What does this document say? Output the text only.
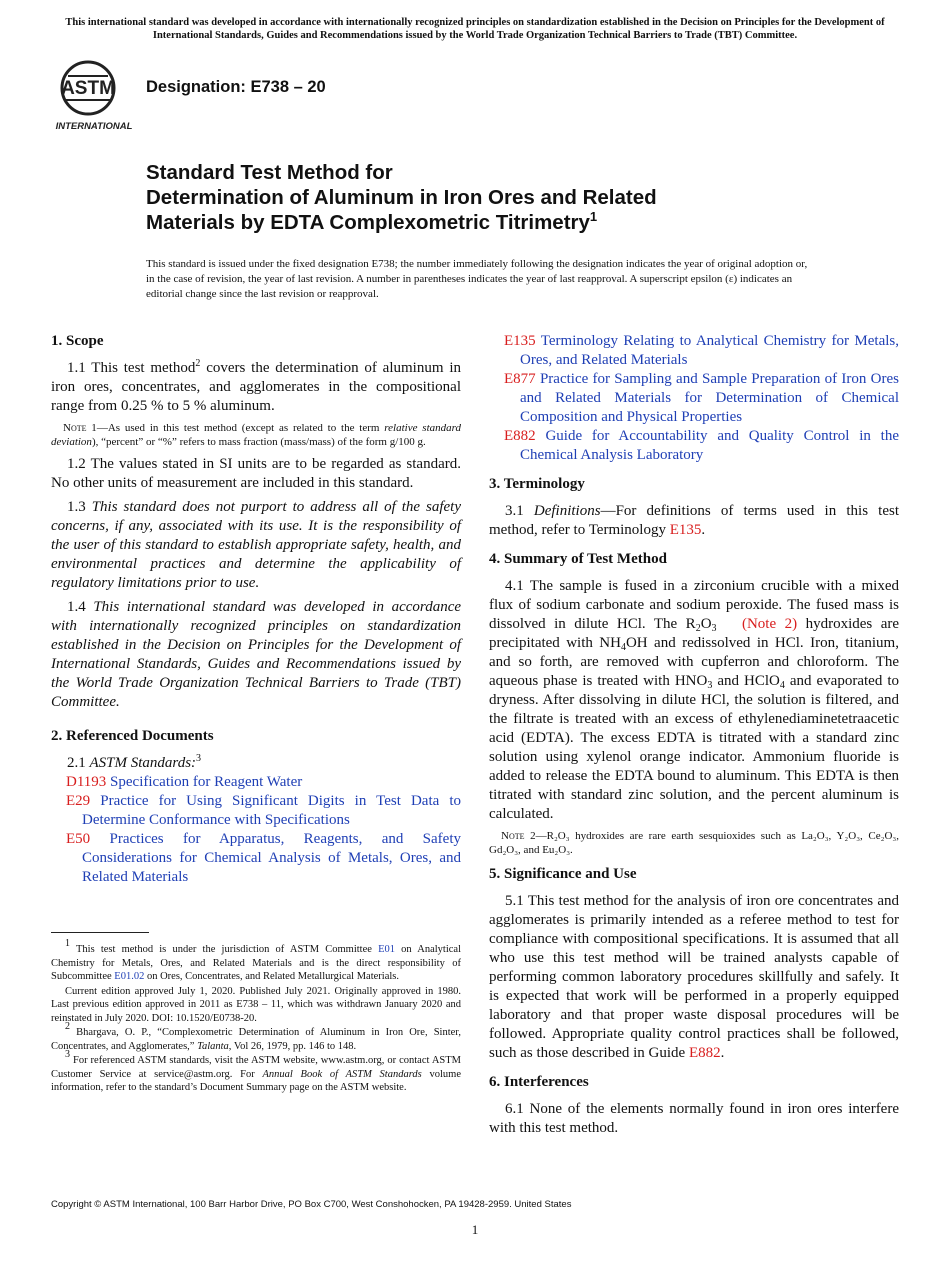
This international standard was developed in accordance with internationally recognized principles on standardization established in the Decision on Principles for the Development of International Standards, Guides and Recommendations issued by the World Trade Organization Technical Barriers to Trade (TBT) Committee.
ASTM
INTERNATIONAL
Designation: E738 – 20
Standard Test Method for
Determination of Aluminum in Iron Ores and Related
Materials by EDTA Complexometric Titrimetry$^1$
This standard is issued under the fixed designation E738; the number immediately following the designation indicates the year of original adoption or, in the case of revision, the year of last revision. A number in parentheses indicates the year of last reapproval. A superscript epsilon (ε) indicates an editorial change since the last revision or reapproval.
1. Scope

1.1 This test method$^2$ covers the determination of aluminum in iron ores, concentrates, and agglomerates in the compositional range from 0.25 % to 5 % aluminum.

Note 1—As used in this test method (except as related to the term relative standard deviation), “percent” or “%” refers to mass fraction (mass/mass) of the form g/100 g.

1.2 The values stated in SI units are to be regarded as standard. No other units of measurement are included in this standard.

1.3 This standard does not purport to address all of the safety concerns, if any, associated with its use. It is the responsibility of the user of this standard to establish appropriate safety, health, and environmental practices and determine the applicability of regulatory limitations prior to use.

1.4 This international standard was developed in accordance with internationally recognized principles on standardization established in the Decision on Principles for the Development of International Standards, Guides and Recommendations issued by the World Trade Organization Technical Barriers to Trade (TBT) Committee.

2. Referenced Documents

2.1 ASTM Standards:$^3$

D1193 Specification for Reagent Water
E29 Practice for Using Significant Digits in Test Data to Determine Conformance with Specifications
E50 Practices for Apparatus, Reagents, and Safety Considerations for Chemical Analysis of Metals, Ores, and Related Materials
E135 Terminology Relating to Analytical Chemistry for Metals, Ores, and Related Materials
E877 Practice for Sampling and Sample Preparation of Iron Ores and Related Materials for Determination of Chemical Composition and Physical Properties
E882 Guide for Accountability and Quality Control in the Chemical Analysis Laboratory
3. Terminology

3.1 Definitions—For definitions of terms used in this test method, refer to Terminology E135.

4. Summary of Test Method

4.1 The sample is fused in a zirconium crucible with a mixed flux of sodium carbonate and sodium peroxide. The fused mass is dissolved in dilute HCl. The $R_2O_3$ (Note 2) hydroxides are precipitated with $NH_4OH$ and redissolved in HCl. Iron, titanium, and so forth, are removed with cupferron and chloroform. The aqueous phase is treated with $HNO_3$ and HClO$_4$ and evaporated to dryness. After dissolving in dilute HCl, the solution is filtered, and the filtrate is treated with an excess of ethylenediaminetetraacetic acid (EDTA). The excess EDTA is titrated with a standard zinc solution using xylenol orange indicator. Ammonium fluoride is added to release the EDTA bound to aluminum. This EDTA is then titrated with standard zinc solution, and the percent aluminum is calculated.

Note 2—R₂O₃ hydroxides are rare earth sesquioxides such as La₂O₃, Y₂O₃, Ce₂O₃, Gd₂O₃, and Eu₂O₃.

5. Significance and Use

5.1 This test method for the analysis of iron ore concentrates and agglomerates is primarily intended as a referee method to test for compliance with compositional specifications. It is assumed that all who use this test method will be trained analysts capable of performing common laboratory procedures skillfully and safely. It is expected that work will be performed in a properly equipped laboratory and that proper waste disposal procedures will be followed. Appropriate quality control practices shall be followed, such as those described in Guide E882.

6. Interferences

6.1 None of the elements normally found in iron ores interfere with this test method.

1 This test method is under the jurisdiction of ASTM Committee E01 on Analytical Chemistry for Metals, Ores, and Related Materials and is the direct responsibility of Subcommittee E01.02 on Ores, Concentrates, and Related Metallurgical Materials.

Current edition approved July 1, 2020. Published July 2021. Originally approved in 1980. Last previous edition approved in 2011 as E738 – 11, which was withdrawn January 2020 and reinstated in July 2020. DOI: 10.1520/E0738-20.

2 Bhargava, O. P., “Complexometric Determination of Aluminum in Iron Ore, Sinter, Concentrates, and Agglomerates,” Talanta, Vol 26, 1979, pp. 146 to 148.

3 For referenced ASTM standards, visit the ASTM website, www.astm.org, or contact ASTM Customer Service at service@astm.org. For Annual Book of ASTM Standards volume information, refer to the standard’s Document Summary page on the ASTM website.

Copyright © ASTM International, 100 Barr Harbor Drive, PO Box C700, West Conshohocken, PA 19428-2959. United States
1
